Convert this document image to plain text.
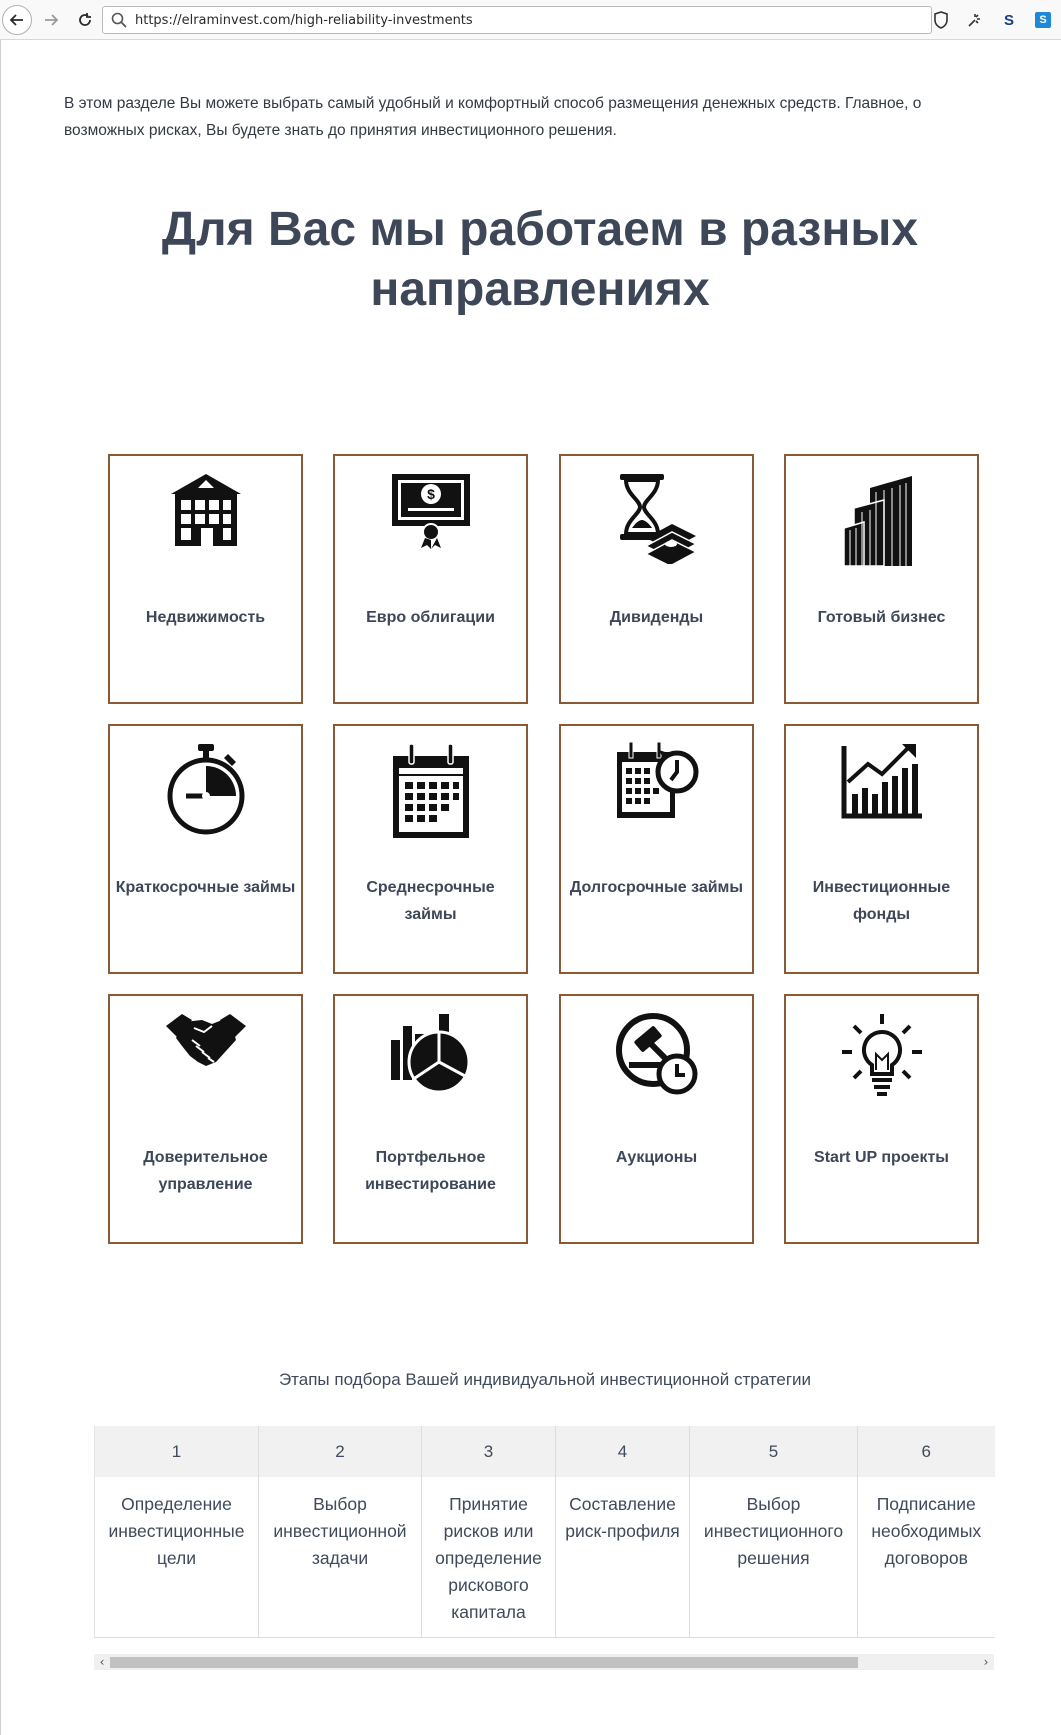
https://elraminvest.com/high-reliability-investments	S	S

В этом разделе Вы можете выбрать самый удобный и комфортный способ размещения денежных средств. Главное, о возможных рисках, Вы будете знать до принятия инвестиционного решения.

Для Вас мы работаем в разных направлениях
Недвижимость
$
Евро облигации	Дивиденды	Готовый бизнес
Краткосрочные займы	Среднесрочные займы
Долгосрочные займы	Инвестиционные фонды
Доверительное управление
Портфельное инвестирование
Аукционы	Start UP проекты
Этапы подбора Вашей индивидуальной инвестиционной стратегии
1	2	3	4	5	6
Определение инвестиционные цели	Выбор инвестиционной задачи	Принятие рисков или определение рискового капитала	Составление риск-профиля	Выбор инвестиционного решения	Подписание необходимых договоров
‹	›
